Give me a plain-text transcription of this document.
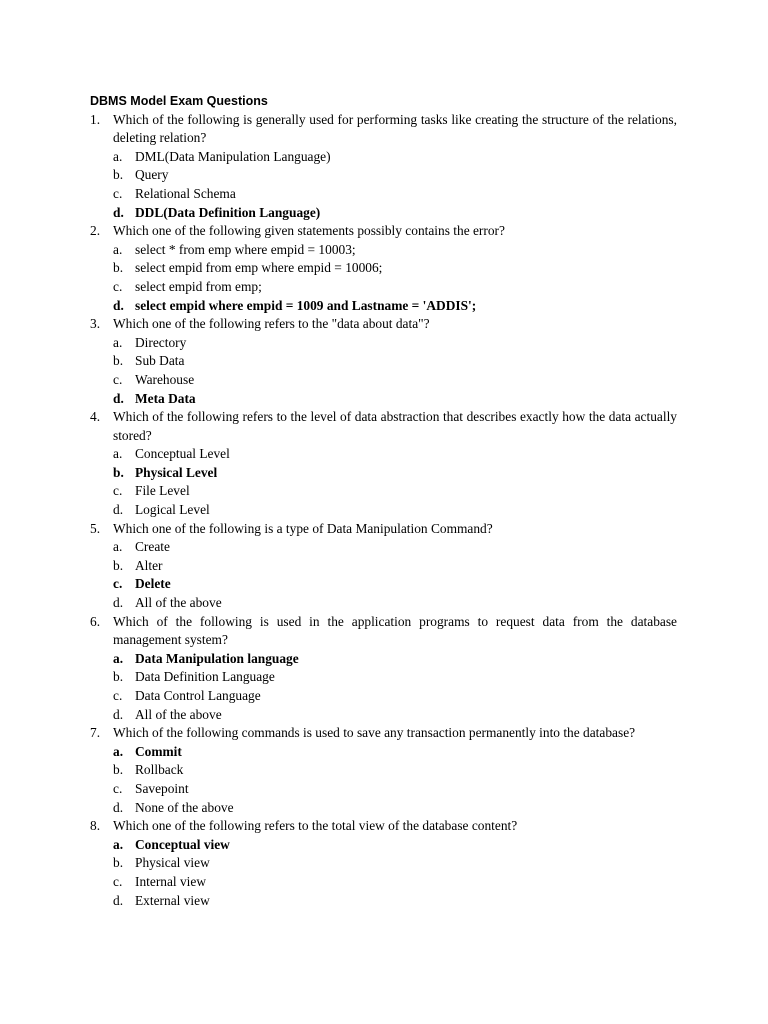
DBMS Model Exam Questions
1. Which of the following is generally used for performing tasks like creating the structure of the relations, deleting relation?
a. DML(Data Manipulation Language)
b. Query
c. Relational Schema
d. DDL(Data Definition Language)
2. Which one of the following given statements possibly contains the error?
a. select * from emp where empid = 10003;
b. select empid from emp where empid = 10006;
c. select empid from emp;
d. select empid where empid = 1009 and Lastname = 'ADDIS';
3. Which one of the following refers to the "data about data"?
a. Directory
b. Sub Data
c. Warehouse
d. Meta Data
4. Which of the following refers to the level of data abstraction that describes exactly how the data actually stored?
a. Conceptual Level
b. Physical Level
c. File Level
d. Logical Level
5. Which one of the following is a type of Data Manipulation Command?
a. Create
b. Alter
c. Delete
d. All of the above
6. Which of the following is used in the application programs to request data from the database management system?
a. Data Manipulation language
b. Data Definition Language
c. Data Control Language
d. All of the above
7. Which of the following commands is used to save any transaction permanently into the database?
a. Commit
b. Rollback
c. Savepoint
d. None of the above
8. Which one of the following refers to the total view of the database content?
a. Conceptual view
b. Physical view
c. Internal view
d. External view
